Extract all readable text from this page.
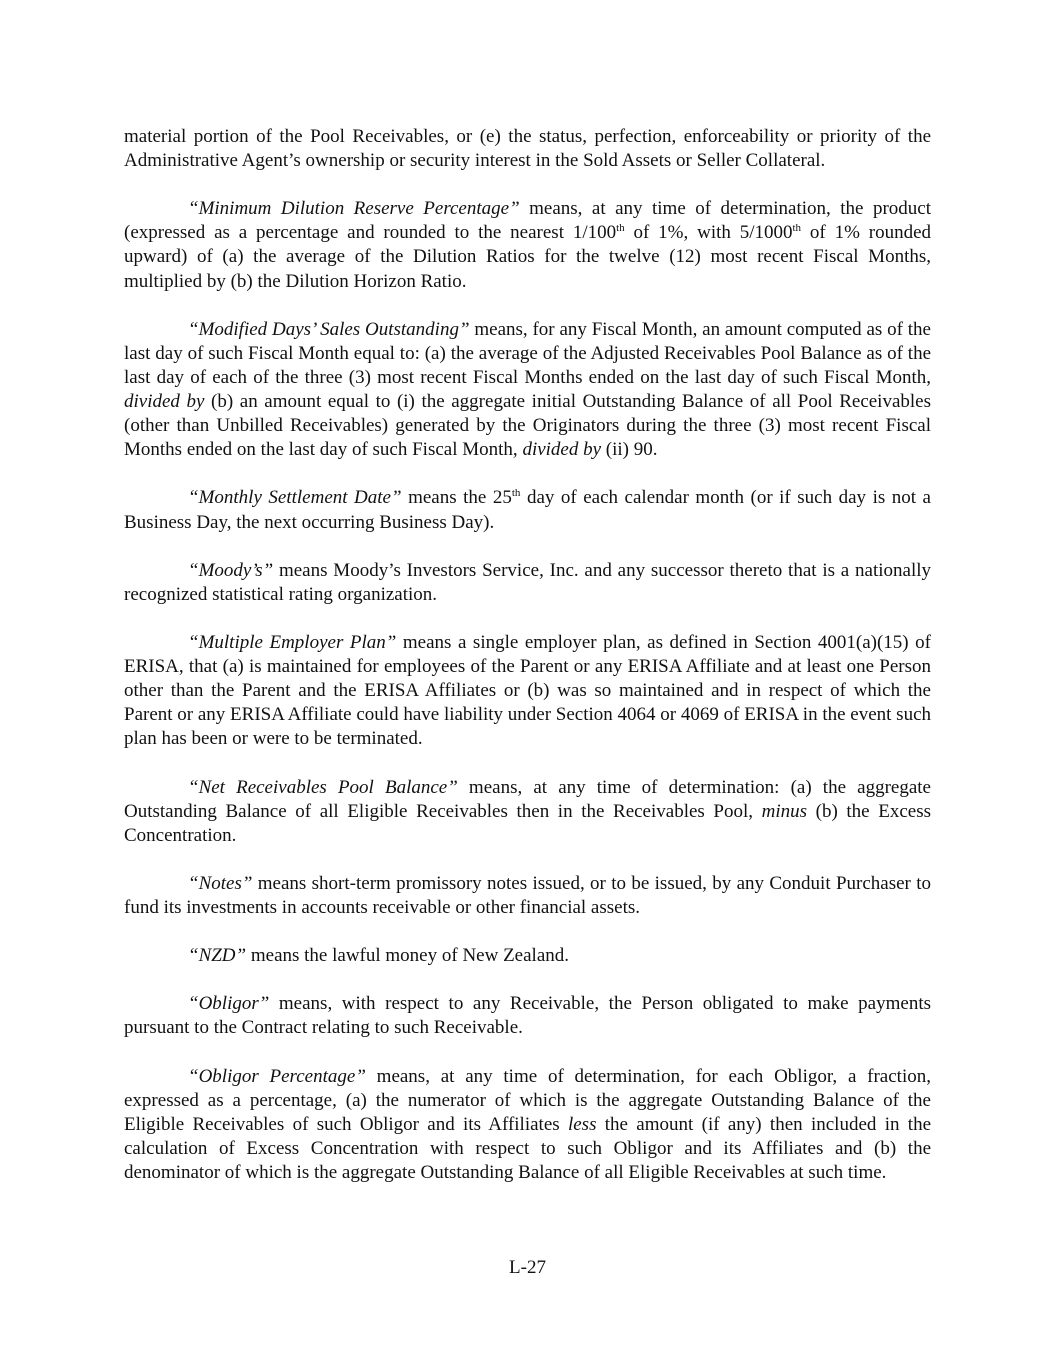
material portion of the Pool Receivables, or (e) the status, perfection, enforceability or priority of the Administrative Agent’s ownership or security interest in the Sold Assets or Seller Collateral.

“Minimum Dilution Reserve Percentage” means, at any time of determination, the product (expressed as a percentage and rounded to the nearest 1/100th of 1%, with 5/1000th of 1% rounded upward) of (a) the average of the Dilution Ratios for the twelve (12) most recent Fiscal Months, multiplied by (b) the Dilution Horizon Ratio.

“Modified Days’ Sales Outstanding” means, for any Fiscal Month, an amount computed as of the last day of such Fiscal Month equal to: (a) the average of the Adjusted Receivables Pool Balance as of the last day of each of the three (3) most recent Fiscal Months ended on the last day of such Fiscal Month, divided by (b) an amount equal to (i) the aggregate initial Outstanding Balance of all Pool Receivables (other than Unbilled Receivables) generated by the Originators during the three (3) most recent Fiscal Months ended on the last day of such Fiscal Month, divided by (ii) 90.

“Monthly Settlement Date” means the 25th day of each calendar month (or if such day is not a Business Day, the next occurring Business Day).

“Moody’s” means Moody’s Investors Service, Inc. and any successor thereto that is a nationally recognized statistical rating organization.

“Multiple Employer Plan” means a single employer plan, as defined in Section 4001(a)(15) of ERISA, that (a) is maintained for employees of the Parent or any ERISA Affiliate and at least one Person other than the Parent and the ERISA Affiliates or (b) was so maintained and in respect of which the Parent or any ERISA Affiliate could have liability under Section 4064 or 4069 of ERISA in the event such plan has been or were to be terminated.

“Net Receivables Pool Balance” means, at any time of determination: (a) the aggregate Outstanding Balance of all Eligible Receivables then in the Receivables Pool, minus (b) the Excess Concentration.

“Notes” means short-term promissory notes issued, or to be issued, by any Conduit Purchaser to fund its investments in accounts receivable or other financial assets.

“NZD” means the lawful money of New Zealand.

“Obligor” means, with respect to any Receivable, the Person obligated to make payments pursuant to the Contract relating to such Receivable.

“Obligor Percentage” means, at any time of determination, for each Obligor, a fraction, expressed as a percentage, (a) the numerator of which is the aggregate Outstanding Balance of the Eligible Receivables of such Obligor and its Affiliates less the amount (if any) then included in the calculation of Excess Concentration with respect to such Obligor and its Affiliates and (b) the denominator of which is the aggregate Outstanding Balance of all Eligible Receivables at such time.

L-27
